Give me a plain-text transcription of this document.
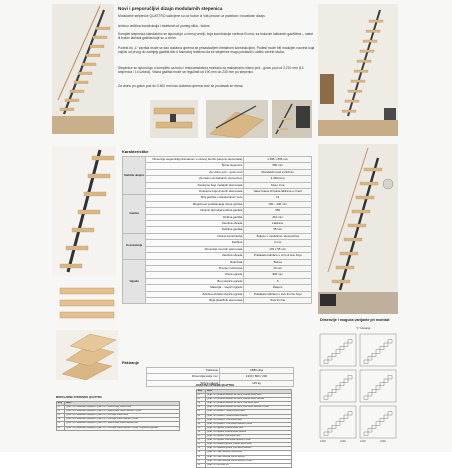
Novi i preporučljivi dizajn modularnih stepenica

Modularne stepenice QUATTRO sačinjene su od bukve iz Vaš prostor uz poseban i inovativan dizajn.

Izmirno veličina konstrukcija i mlativnal od pomeg slika - bukve.

Komplet stepenica standardno se isporučuju u nemoj verziji, boja konstrukcije srebrna ili crna, sa bukovim lakiranim gazištima – naturi ili bukov lakirani gazišta koje su u crnim.

Podest do „L“ završta može se kao dodatna oprema se prisastavljem metalnom konstrukcijom. Podest može biti moduljen nacrtna koja najvisi od prvog do zadnjeg gazišta bilo u kakvoboj relativno da se stepenice mogu postaviti u obliku sevele skoka.

Stepenice se isporučuju u kompletu sa boču i tekucamskeima montaža za maksimalnu visinu pod - gotov pod od 2,210 mm (13 stepenica / 14 uzlona). Visina gazišta može se regulirati od 190 mm do 230 mm po stepenici.

Za visinu po-gotov pod do 3.460 mm kao dodatna oprema mož se prodavati se visina.

Karakteristike
Stubište ukupno	Dimenzije stepenica(minimalnom u otvoru) bombi (ukupno elemenata)	1.695 x 655 mm
	Širina stepenice	650 mm
	Za visinu pod – gotov pod	Standardni pod 2,210mm
	Za visinu sa dodatnim elementom	3.440(mm)
	Dostupne boje metalnih elemenata	Siva i crna
	Dostupne boje drvenih elemenata	Natur bukva ili bukva lakirana u crnoh
Gazišta	Broj gazišta u standardnom setu	13
	Mogućnost podešavanja visine gazišta	190 – 230 mm
	Ukupni/ dozvoljena širina gazišta	650
	Dubina gazišta	210 mm
	Završna obrada	Lakirano
	Debljina gazišta	35 mm
Konstrukcija	Nosive konstrukcija	Željezo u modulima / elementima
	Debljina	3 mm
	Dimenzije osnovih elemenata	103 x 55 mm
	Završna obrada	Praškasto lakirano u crno ili sivu boju
Ograda	Rukohvat	Bukva
	Promjer rukohvata	40 mm
	Visina ograde	900 mm
	Broj stupića ograde	6
	Materijal – stupići ograde	Željezo
	Završna obrada stupića ograde	Praškasto lakirano u sivu ili crnu boju
	Boja plastičnih elemenata	Siva ili crna
Pakiranje
Pakiranje	CBB kutije
Dimenzija kutije mm	1200 / 800 / 200
Težina paketa	145 kg
MODULARNE STEPENICE QUATTRO
Broj	Naziv
01	QUATTRO Modularne stepenice QUATTRO, srebrna boja, bukva natur
02	QUATTRO Modularne stepenice QUATTRO, srebrna boja, bukva lakirana u crnoh
03	QUATTRO Modularne stepenice QUATTRO, crna boja, bukva natur
04	QUATTRO Modularne stepenice QUATTRO, crna boja, bukva lakirana u crnoh
05	QUATTRO Modularne stepenice QUATTRO, srebrna boja, bukva lakirana sive
06	QUATTRO Modularne stepenice QUATTRO, crna boja, bukva lakirana u crnoh, sa bočnom ogradom
DODATNA OPREMA QUATTRO
Broj	Naziv
01	QUATTRO produžni element za visinu, srebrna bukva natur
02	QUATTRO produžni element za visinu, srebrna bukva lakirana
03	QUATTRO produžni element za visinu, crna bukva natur
04	QUATTRO produžni element za visinu, crna bukva lakirana u crnoh
05	QUATTRO podest L, srebrna bukva natur
06	QUATTRO podest L, srebrna bukva lakirana
07	QUATTRO podest L, crna bukva natur
08	QUATTRO podest L, crna bukva lakirana u crnoh
09	QUATTRO ograda, srebrna bukva natur
10	QUATTRO ograda, srebrna bukva lakirana
11	QUATTRO ograda, crna bukva natur
12	QUATTRO ograda, crna bukva lakirana u crnoh
13	QUATTRO dodatno gazište, srebrna bukva natur
14	QUATTRO dodatno gazište, crna bukva lakirana
15	QUATTRO zidni rukohvat, bukva natur
16	QUATTRO zidni rukohvat, bukva lakirana
17	QUATTRO zidni rukohvat, bukva lakirana u crnoh
18	QUATTRO pričvrsni set
Dimenzije i moguća varijante pri montaži
"L" kretanje
1600	2100
2200	2300
